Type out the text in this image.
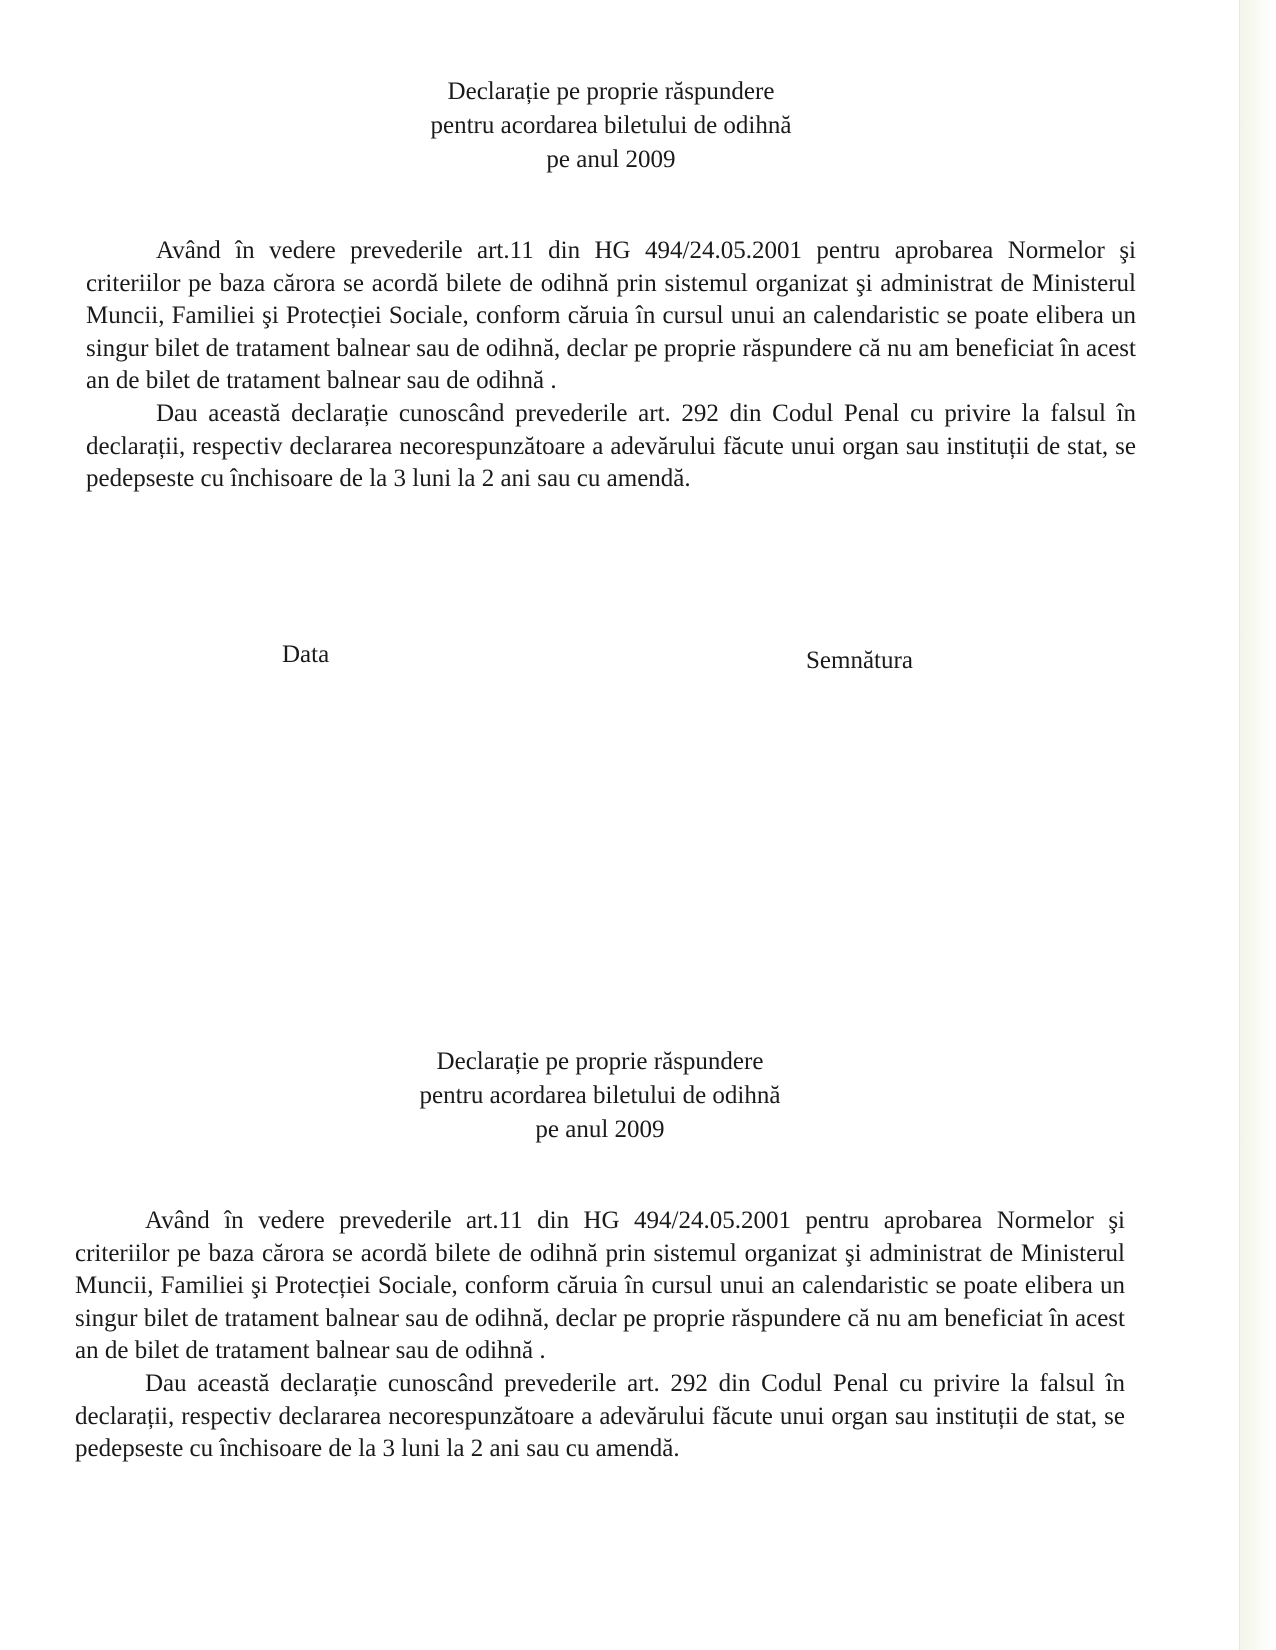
Declarație pe proprie răspundere
pentru acordarea biletului de odihnă
pe anul 2009

Având în vedere prevederile art.11 din HG 494/24.05.2001 pentru aprobarea Normelor şi criteriilor pe baza cărora se acordă bilete de odihnă prin sistemul organizat şi administrat de Ministerul Muncii, Familiei şi Protecției Sociale, conform căruia în cursul unui an calendaristic se poate elibera un singur bilet de tratament balnear sau de odihnă, declar pe proprie răspundere că nu am beneficiat în acest an de bilet de tratament balnear sau de odihnă .

Dau această declarație cunoscând prevederile art. 292 din Codul Penal cu privire la falsul în declarații, respectiv declararea necorespunzătoare a adevărului făcute unui organ sau instituții de stat, se pedepseste cu închisoare de la 3 luni la 2 ani sau cu amendă.

Data	Semnătura
Declarație pe proprie răspundere
pentru acordarea biletului de odihnă
pe anul 2009

Având în vedere prevederile art.11 din HG 494/24.05.2001 pentru aprobarea Normelor şi criteriilor pe baza cărora se acordă bilete de odihnă prin sistemul organizat şi administrat de Ministerul Muncii, Familiei şi Protecției Sociale, conform căruia în cursul unui an calendaristic se poate elibera un singur bilet de tratament balnear sau de odihnă, declar pe proprie răspundere că nu am beneficiat în acest an de bilet de tratament balnear sau de odihnă .

Dau această declarație cunoscând prevederile art. 292 din Codul Penal cu privire la falsul în declarații, respectiv declararea necorespunzătoare a adevărului făcute unui organ sau instituții de stat, se pedepseste cu închisoare de la 3 luni la 2 ani sau cu amendă.
